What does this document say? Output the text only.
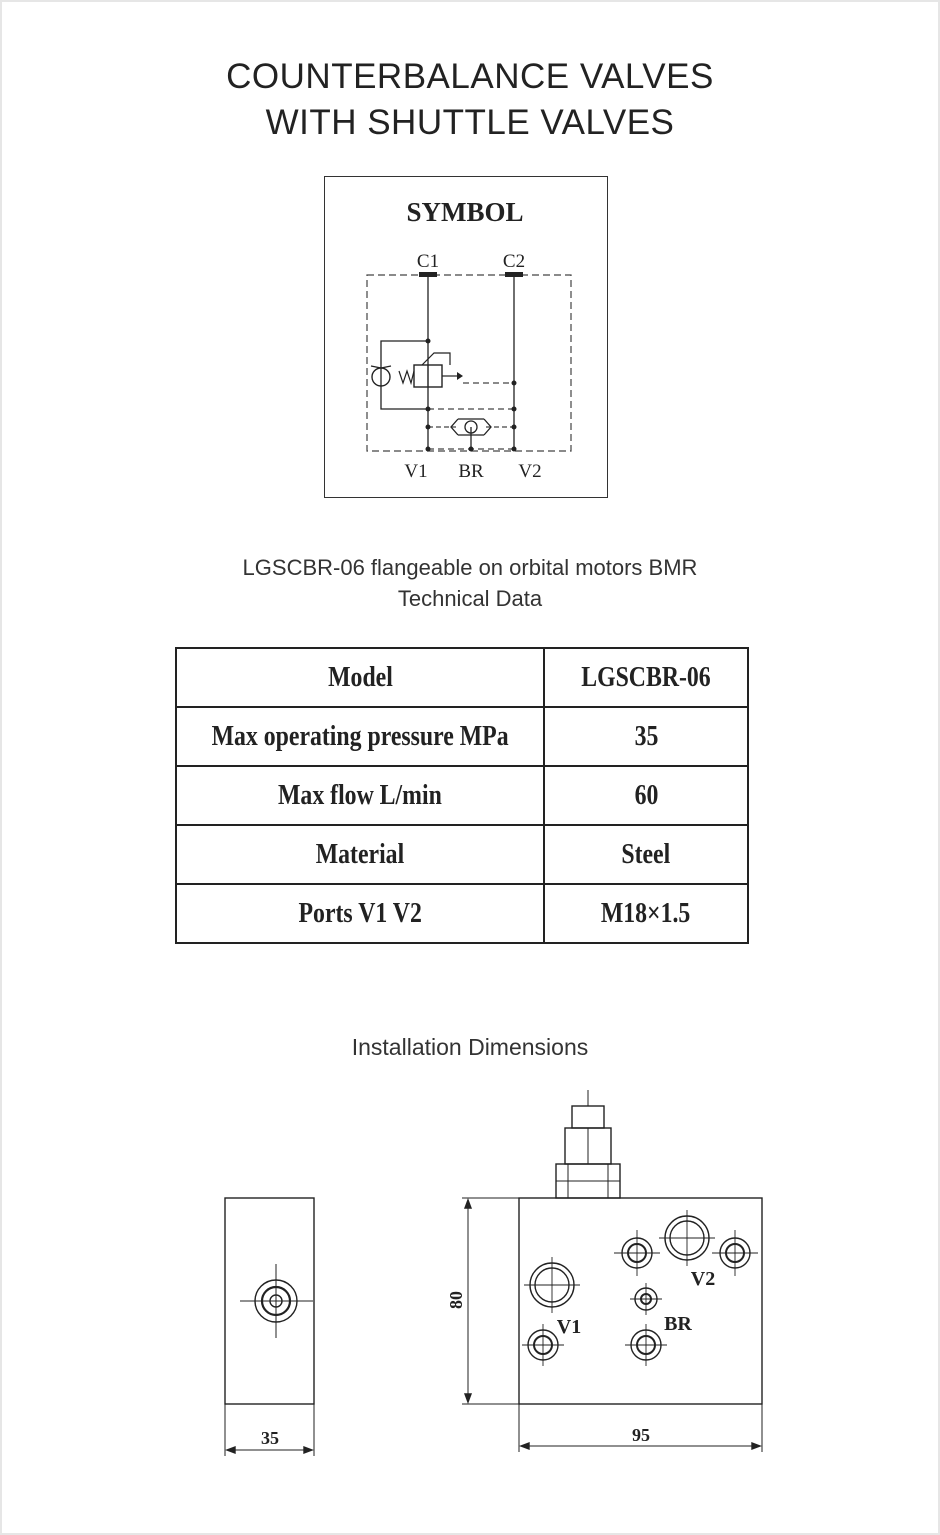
COUNTERBALANCE VALVES
WITH SHUTTLE VALVES
SYMBOL
C1	C2
V1 BR V2
LGSCBR-06 flangeable on orbital motors BMR
Technical Data
Model	LGSCBR-06
Max operating pressure MPa	35
Max flow L/min	60
Material	Steel
Ports V1 V2	M18×1.5
Installation Dimensions
35	95
80
V1
V2
BR
